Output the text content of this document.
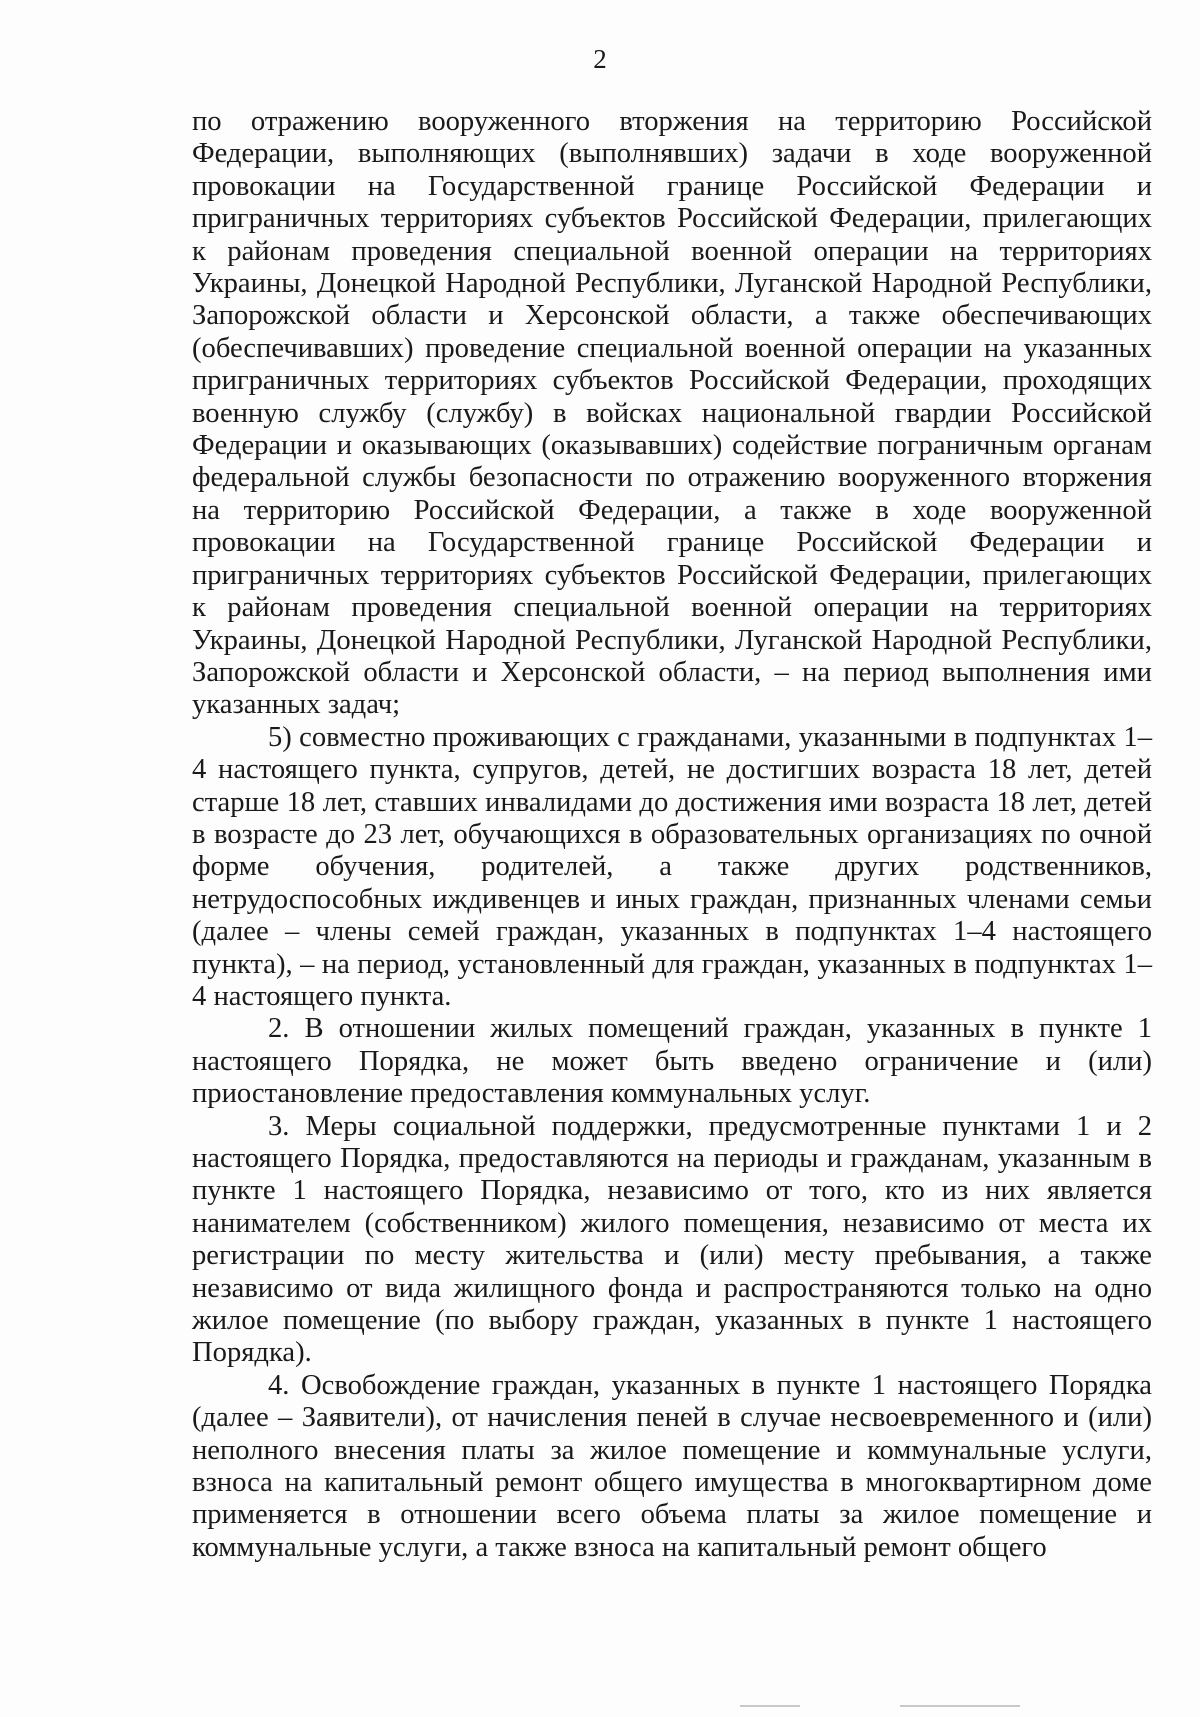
2

по отражению вооруженного вторжения на территорию Российской Федерации, выполняющих (выполнявших) задачи в ходе вооруженной провокации на Государственной границе Российской Федерации и приграничных территориях субъектов Российской Федерации, прилегающих к районам проведения специальной военной операции на территориях Украины, Донецкой Народной Республики, Луганской Народной Республики, Запорожской области и Херсонской области, а также обеспечивающих (обеспечивавших) проведение специальной военной операции на указанных приграничных территориях субъектов Российской Федерации, проходящих военную службу (службу) в войсках национальной гвардии Российской Федерации и оказывающих (оказывавших) содействие пограничным органам федеральной службы безопасности по отражению вооруженного вторжения на территорию Российской Федерации, а также в ходе вооруженной провокации на Государственной границе Российской Федерации и приграничных территориях субъектов Российской Федерации, прилегающих к районам проведения специальной военной операции на территориях Украины, Донецкой Народной Республики, Луганской Народной Республики, Запорожской области и Херсонской области, – на период выполнения ими указанных задач;

5) совместно проживающих с гражданами, указанными в подпунктах 1–4 настоящего пункта, супругов, детей, не достигших возраста 18 лет, детей старше 18 лет, ставших инвалидами до достижения ими возраста 18 лет, детей в возрасте до 23 лет, обучающихся в образовательных организациях по очной форме обучения, родителей, а также других родственников, нетрудоспособных иждивенцев и иных граждан, признанных членами семьи (далее – члены семей граждан, указанных в подпунктах 1–4 настоящего пункта), – на период, установленный для граждан, указанных в подпунктах 1–4 настоящего пункта.

2. В отношении жилых помещений граждан, указанных в пункте 1 настоящего Порядка, не может быть введено ограничение и (или) приостановление предоставления коммунальных услуг.

3. Меры социальной поддержки, предусмотренные пунктами 1 и 2 настоящего Порядка, предоставляются на периоды и гражданам, указанным в пункте 1 настоящего Порядка, независимо от того, кто из них является нанимателем (собственником) жилого помещения, независимо от места их регистрации по месту жительства и (или) месту пребывания, а также независимо от вида жилищного фонда и распространяются только на одно жилое помещение (по выбору граждан, указанных в пункте 1 настоящего Порядка).

4. Освобождение граждан, указанных в пункте 1 настоящего Порядка (далее – Заявители), от начисления пеней в случае несвоевременного и (или) неполного внесения платы за жилое помещение и коммунальные услуги, взноса на капитальный ремонт общего имущества в многоквартирном доме применяется в отношении всего объема платы за жилое помещение и коммунальные услуги, а также взноса на капитальный ремонт общего
